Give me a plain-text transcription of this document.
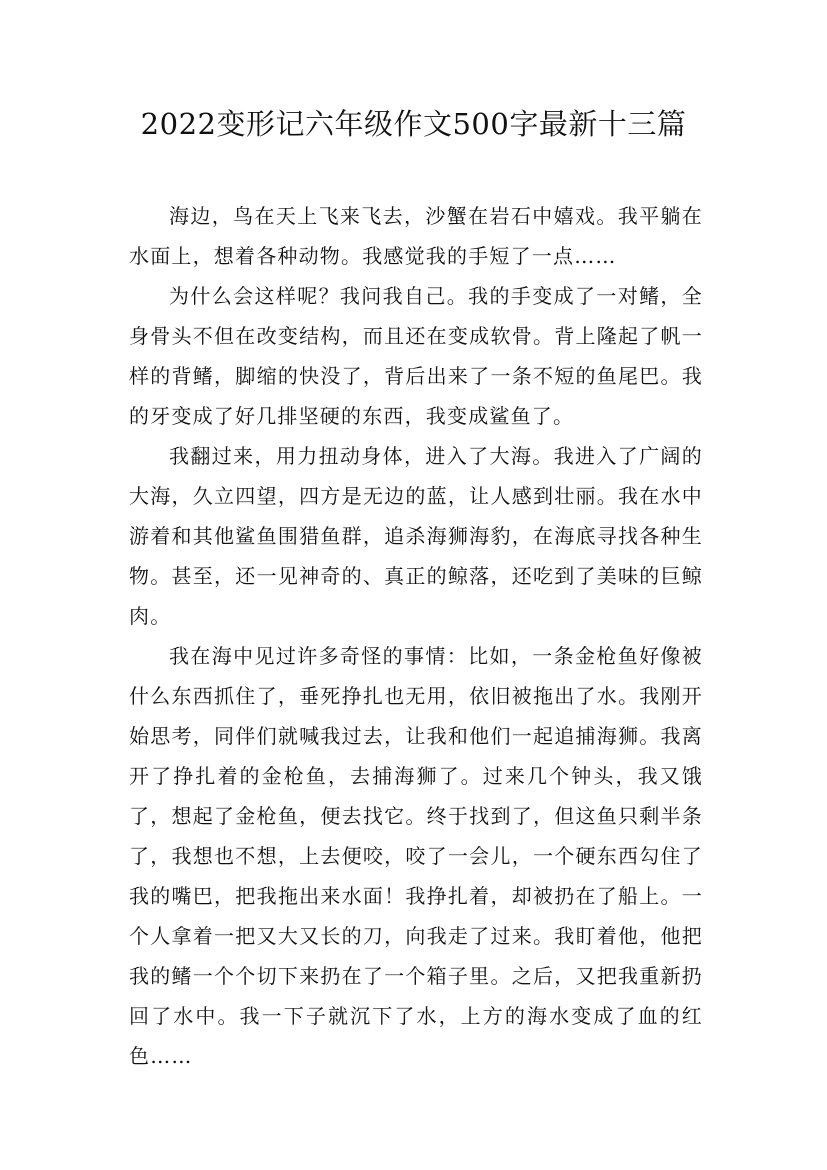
2022变形记六年级作文500字最新十三篇

海边，鸟在天上飞来飞去，沙蟹在岩石中嬉戏。我平躺在水面上，想着各种动物。我感觉我的手短了一点……

为什么会这样呢？我问我自己。我的手变成了一对鳍，全身骨头不但在改变结构，而且还在变成软骨。背上隆起了帆一样的背鳍，脚缩的快没了，背后出来了一条不短的鱼尾巴。我的牙变成了好几排坚硬的东西，我变成鲨鱼了。

我翻过来，用力扭动身体，进入了大海。我进入了广阔的大海，久立四望，四方是无边的蓝，让人感到壮丽。我在水中游着和其他鲨鱼围猎鱼群，追杀海狮海豹，在海底寻找各种生物。甚至，还一见神奇的、真正的鲸落，还吃到了美味的巨鲸肉。

我在海中见过许多奇怪的事情：比如，一条金枪鱼好像被什么东西抓住了，垂死挣扎也无用，依旧被拖出了水。我刚开始思考，同伴们就喊我过去，让我和他们一起追捕海狮。我离开了挣扎着的金枪鱼，去捕海狮了。过来几个钟头，我又饿了，想起了金枪鱼，便去找它。终于找到了，但这鱼只剩半条了，我想也不想，上去便咬，咬了一会儿，一个硬东西勾住了我的嘴巴，把我拖出来水面！我挣扎着，却被扔在了船上。一个人拿着一把又大又长的刀，向我走了过来。我盯着他，他把我的鳍一个个切下来扔在了一个箱子里。之后，又把我重新扔回了水中。我一下子就沉下了水，上方的海水变成了血的红色……
